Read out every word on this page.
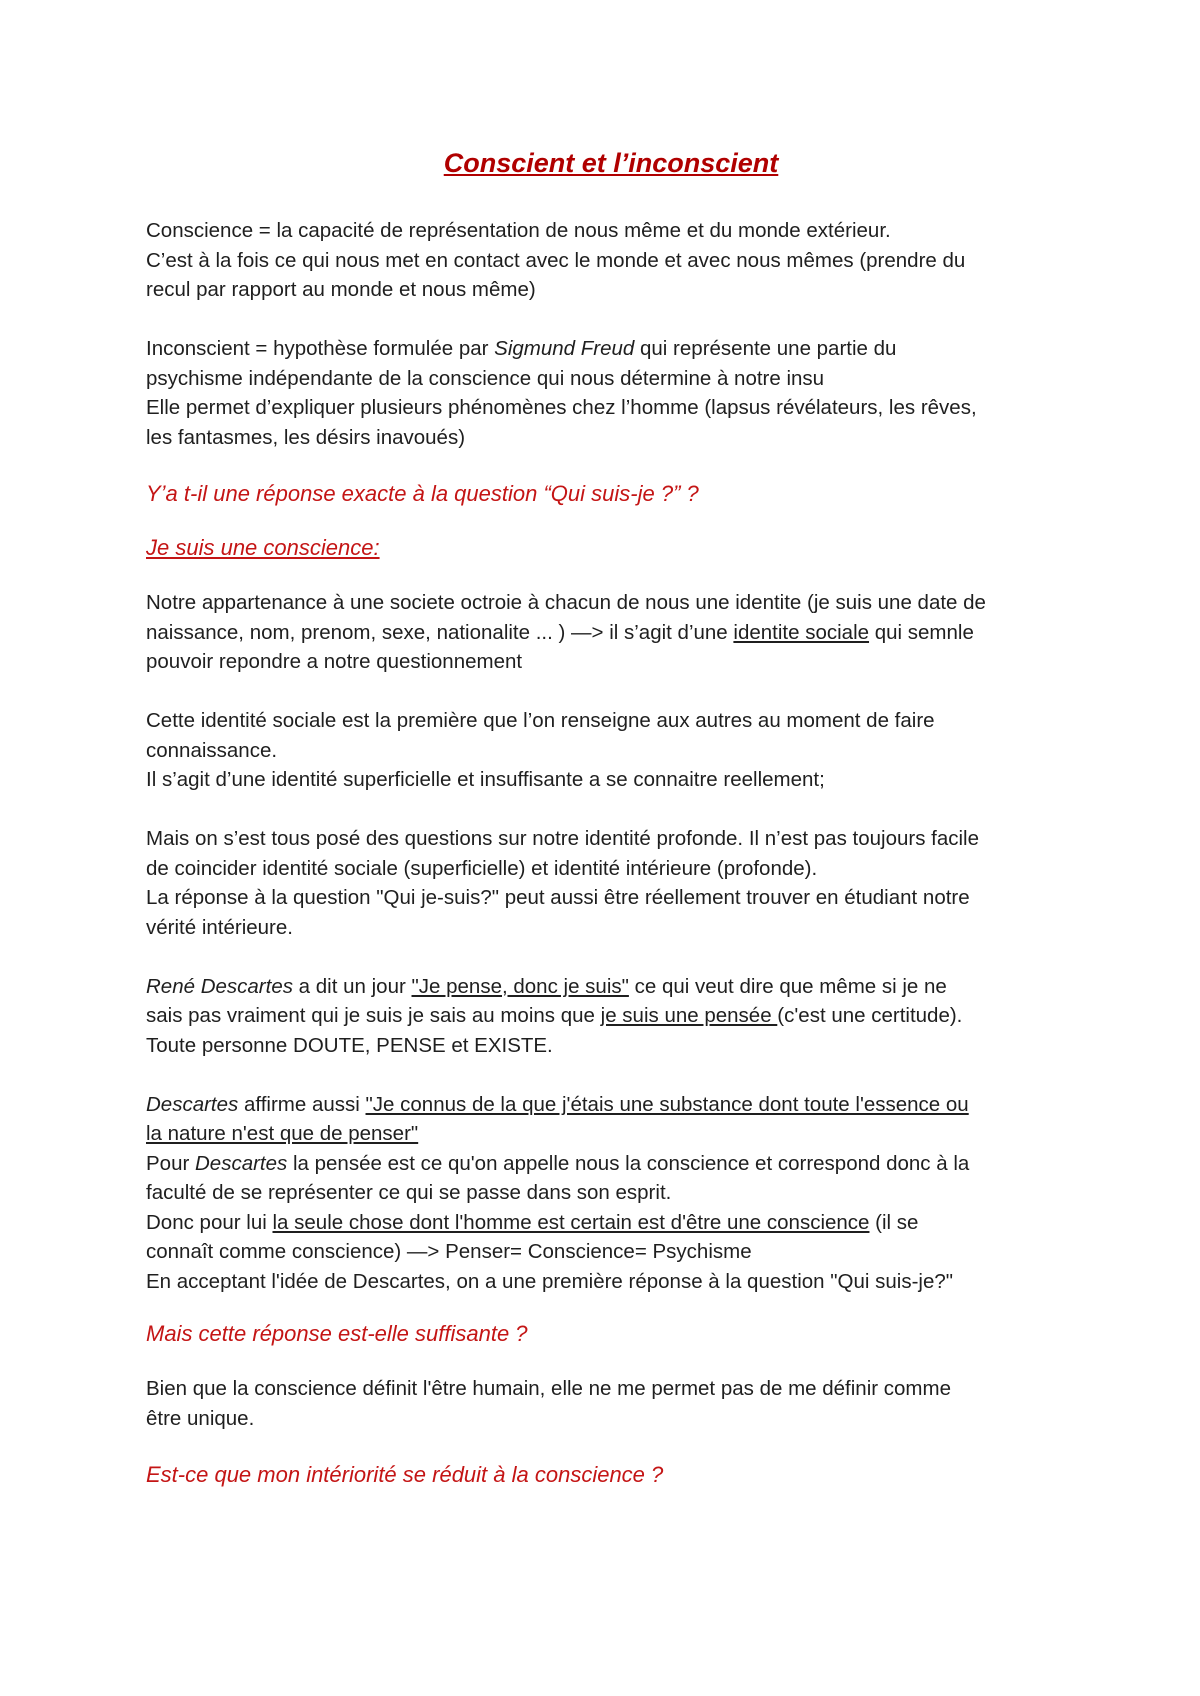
Conscient et l’inconscient

Conscience = la capacité de représentation de nous même et du monde extérieur.

C’est à la fois ce qui nous met en contact avec le monde et avec nous mêmes (prendre du

recul par rapport au monde et nous même)

Inconscient = hypothèse formulée par Sigmund Freud qui représente une partie du

psychisme indépendante de la conscience qui nous détermine à notre insu

Elle permet d’expliquer plusieurs phénomènes chez l’homme (lapsus révélateurs, les rêves,

les fantasmes, les désirs inavoués)

Y’a t-il une réponse exacte à la question “Qui suis-je ?” ?

Je suis une conscience:

Notre appartenance à une societe octroie à chacun de nous une identite (je suis une date de

naissance, nom, prenom, sexe, nationalite ... ) —> il s’agit d’une identite sociale qui semnle

pouvoir repondre a notre questionnement

Cette identité sociale est la première que l’on renseigne aux autres au moment de faire

connaissance.

Il s’agit d’une identité superficielle et insuffisante a se connaitre reellement;

Mais on s’est tous posé des questions sur notre identité profonde. Il n’est pas toujours facile

de coincider identité sociale (superficielle) et identité intérieure (profonde).

La réponse à la question "Qui je-suis?" peut aussi être réellement trouver en étudiant notre

vérité intérieure.

René Descartes a dit un jour "Je pense, donc je suis" ce qui veut dire que même si je ne

sais pas vraiment qui je suis je sais au moins que je suis une pensée (c'est une certitude).

Toute personne DOUTE, PENSE et EXISTE.

Descartes affirme aussi "Je connus de la que j'étais une substance dont toute l'essence ou

la nature n'est que de penser"

Pour Descartes la pensée est ce qu'on appelle nous la conscience et correspond donc à la

faculté de se représenter ce qui se passe dans son esprit.

Donc pour lui la seule chose dont l'homme est certain est d'être une conscience (il se

connaît comme conscience) —> Penser= Conscience= Psychisme

En acceptant l'idée de Descartes, on a une première réponse à la question "Qui suis-je?"

Mais cette réponse est-elle suffisante ?

Bien que la conscience définit l'être humain, elle ne me permet pas de me définir comme

être unique.

Est-ce que mon intériorité se réduit à la conscience ?
